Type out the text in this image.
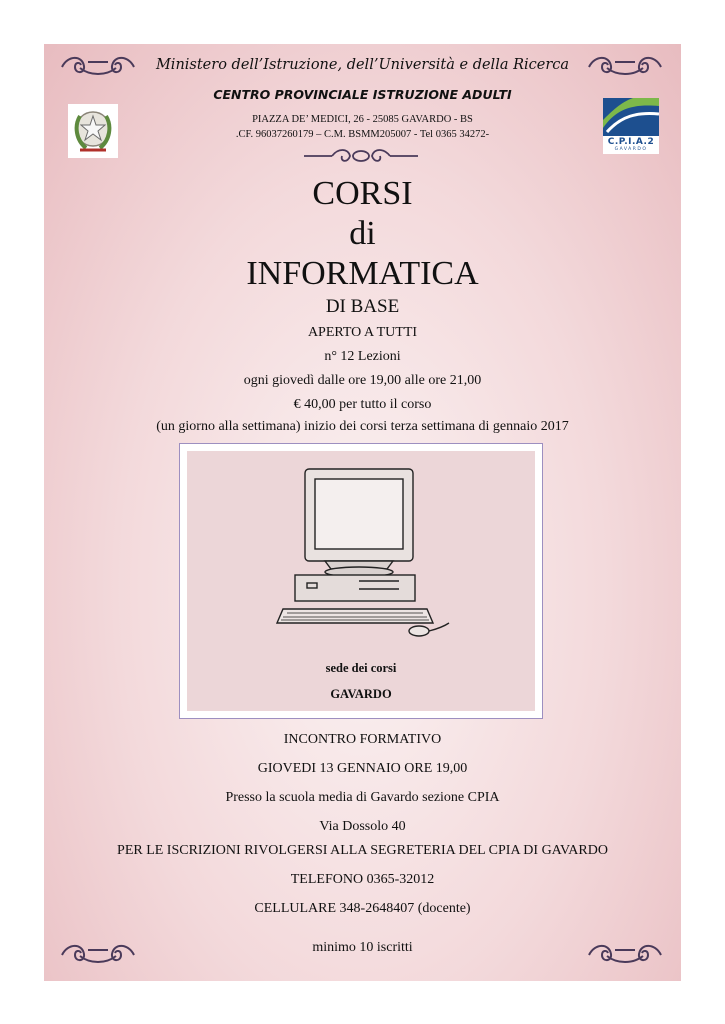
C.P.I.A.2
GAVARDO
Ministero dell’Istruzione, dell’Università e della Ricerca
CENTRO PROVINCIALE ISTRUZIONE ADULTI
PIAZZA DE’ MEDICI, 26 - 25085 GAVARDO - BS
.CF. 96037260179 – C.M. BSMM205007 - Tel 0365 34272-
CORSI
di
INFORMATICA
DI BASE
APERTO A TUTTI
n° 12 Lezioni
ogni giovedì dalle ore 19,00 alle ore 21,00
€ 40,00 per tutto il corso
(un giorno alla settimana) inizio dei corsi terza settimana di gennaio 2017
sede dei corsi
GAVARDO
INCONTRO FORMATIVO
GIOVEDI 13 GENNAIO ORE 19,00
Presso la scuola media di Gavardo sezione CPIA
Via Dossolo 40
PER LE ISCRIZIONI RIVOLGERSI ALLA SEGRETERIA DEL CPIA DI GAVARDO
TELEFONO 0365-32012
CELLULARE 348-2648407 (docente)
minimo 10 iscritti
